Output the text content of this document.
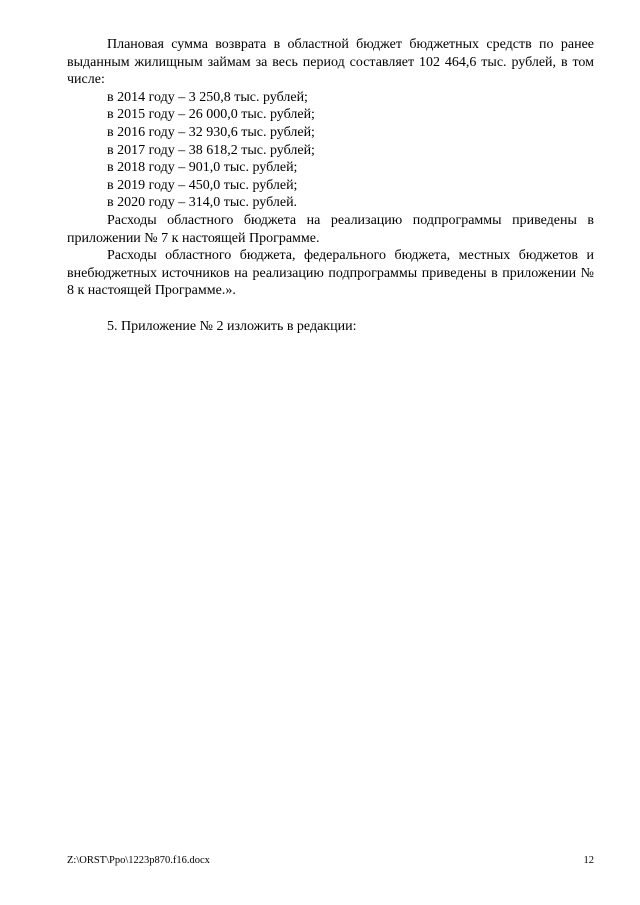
Плановая сумма возврата в областной бюджет бюджетных средств по ранее выданным жилищным займам за весь период составляет 102 464,6 тыс. рублей, в том числе:

в 2014 году – 3 250,8 тыс. рублей;

в 2015 году – 26 000,0 тыс. рублей;

в 2016 году – 32 930,6 тыс. рублей;

в 2017 году – 38 618,2 тыс. рублей;

в 2018 году – 901,0 тыс. рублей;

в 2019 году – 450,0 тыс. рублей;

в 2020 году – 314,0 тыс. рублей.

Расходы областного бюджета на реализацию подпрограммы приведены в приложении № 7 к настоящей Программе.

Расходы областного бюджета, федерального бюджета, местных бюджетов и внебюджетных источников на реализацию подпрограммы приведены в приложении № 8 к настоящей Программе.».

5. Приложение № 2 изложить в редакции:

Z:\ORST\Ppo\1223p870.f16.docx	12
